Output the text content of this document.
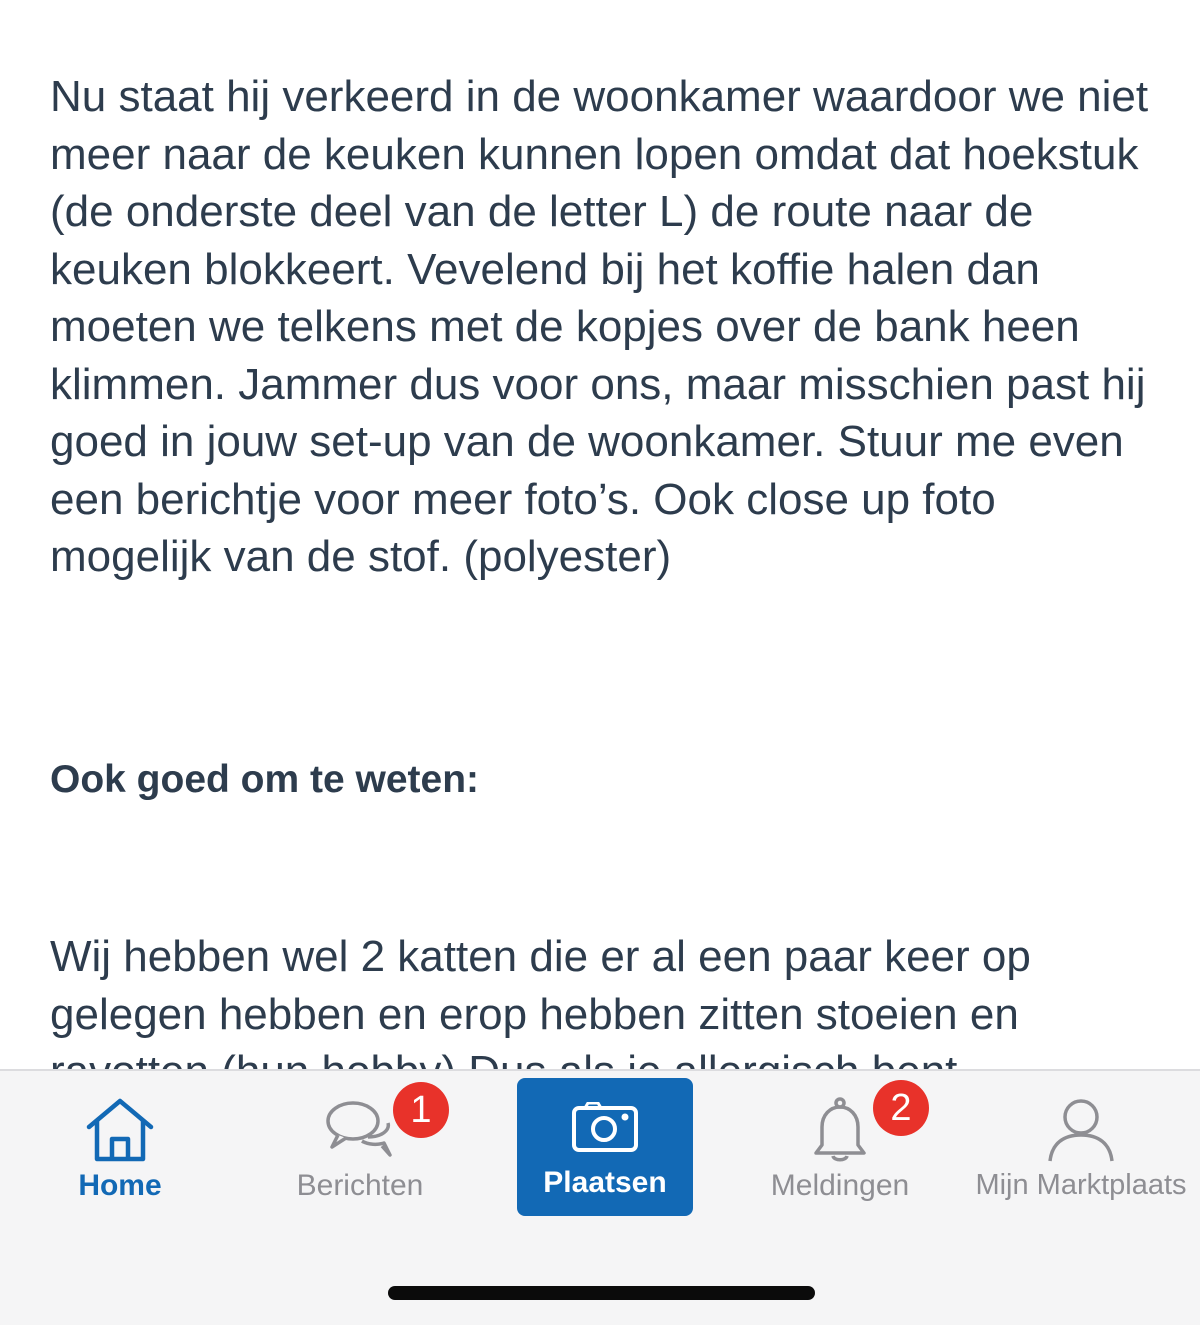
Nu staat hij verkeerd in de woonkamer waardoor we niet meer naar de keuken kunnen lopen omdat dat hoekstuk (de onderste deel van de letter L) de route naar de keuken blokkeert. Vevelend bij het koffie halen dan moeten we telkens met de kopjes over de bank heen klimmen. Jammer dus voor ons, maar misschien past hij goed in jouw set-up van de woonkamer. Stuur me even een berichtje voor meer foto’s. Ook close up foto mogelijk van de stof. (polyester)

Ook goed om te weten:

Wij hebben wel 2 katten die er al een paar keer op gelegen hebben en erop hebben zitten stoeien en

Home	Berichten
1
Plaatsen	Meldingen
2
Mijn Marktplaats
